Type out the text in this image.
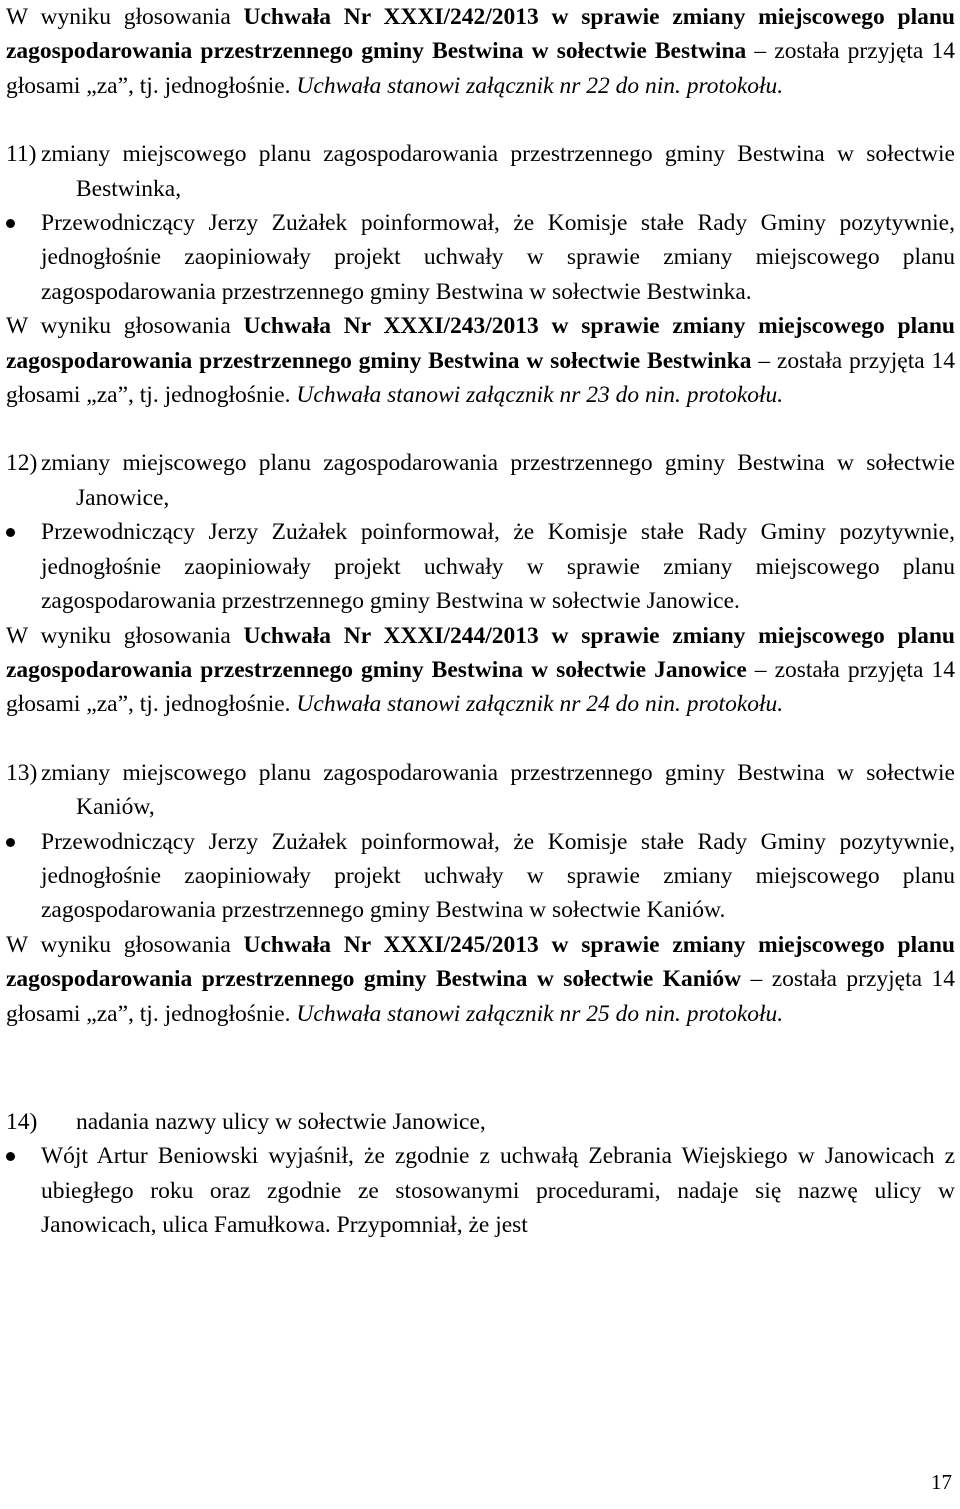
W wyniku głosowania Uchwała Nr XXXI/242/2013 w sprawie zmiany miejscowego planu zagospodarowania przestrzennego gminy Bestwina w sołectwie Bestwina – została przyjęta 14 głosami „za”, tj. jednogłośnie. Uchwała stanowi załącznik nr 22 do nin. protokołu.

11) zmiany miejscowego planu zagospodarowania przestrzennego gminy Bestwina w sołectwie Bestwinka,
Przewodniczący Jerzy Zużałek poinformował, że Komisje stałe Rady Gminy pozytywnie, jednogłośnie zaopiniowały projekt uchwały w sprawie zmiany miejscowego planu zagospodarowania przestrzennego gminy Bestwina w sołectwie Bestwinka.

W wyniku głosowania Uchwała Nr XXXI/243/2013 w sprawie zmiany miejscowego planu zagospodarowania przestrzennego gminy Bestwina w sołectwie Bestwinka – została przyjęta 14 głosami „za”, tj. jednogłośnie. Uchwała stanowi załącznik nr 23 do nin. protokołu.

12) zmiany miejscowego planu zagospodarowania przestrzennego gminy Bestwina w sołectwie Janowice,
Przewodniczący Jerzy Zużałek poinformował, że Komisje stałe Rady Gminy pozytywnie, jednogłośnie zaopiniowały projekt uchwały w sprawie zmiany miejscowego planu zagospodarowania przestrzennego gminy Bestwina w sołectwie Janowice.

W wyniku głosowania Uchwała Nr XXXI/244/2013 w sprawie zmiany miejscowego planu zagospodarowania przestrzennego gminy Bestwina w sołectwie Janowice – została przyjęta 14 głosami „za”, tj. jednogłośnie. Uchwała stanowi załącznik nr 24 do nin. protokołu.

13) zmiany miejscowego planu zagospodarowania przestrzennego gminy Bestwina w sołectwie Kaniów,
Przewodniczący Jerzy Zużałek poinformował, że Komisje stałe Rady Gminy pozytywnie, jednogłośnie zaopiniowały projekt uchwały w sprawie zmiany miejscowego planu zagospodarowania przestrzennego gminy Bestwina w sołectwie Kaniów.

W wyniku głosowania Uchwała Nr XXXI/245/2013 w sprawie zmiany miejscowego planu zagospodarowania przestrzennego gminy Bestwina w sołectwie Kaniów – została przyjęta 14 głosami „za”, tj. jednogłośnie. Uchwała stanowi załącznik nr 25 do nin. protokołu.

14)	nadania nazwy ulicy w sołectwie Janowice,
Wójt Artur Beniowski wyjaśnił, że zgodnie z uchwałą Zebrania Wiejskiego w Janowicach z ubiegłego roku oraz zgodnie ze stosowanymi procedurami, nadaje się nazwę ulicy w Janowicach, ulica Famułkowa. Przypomniał, że jest
17
